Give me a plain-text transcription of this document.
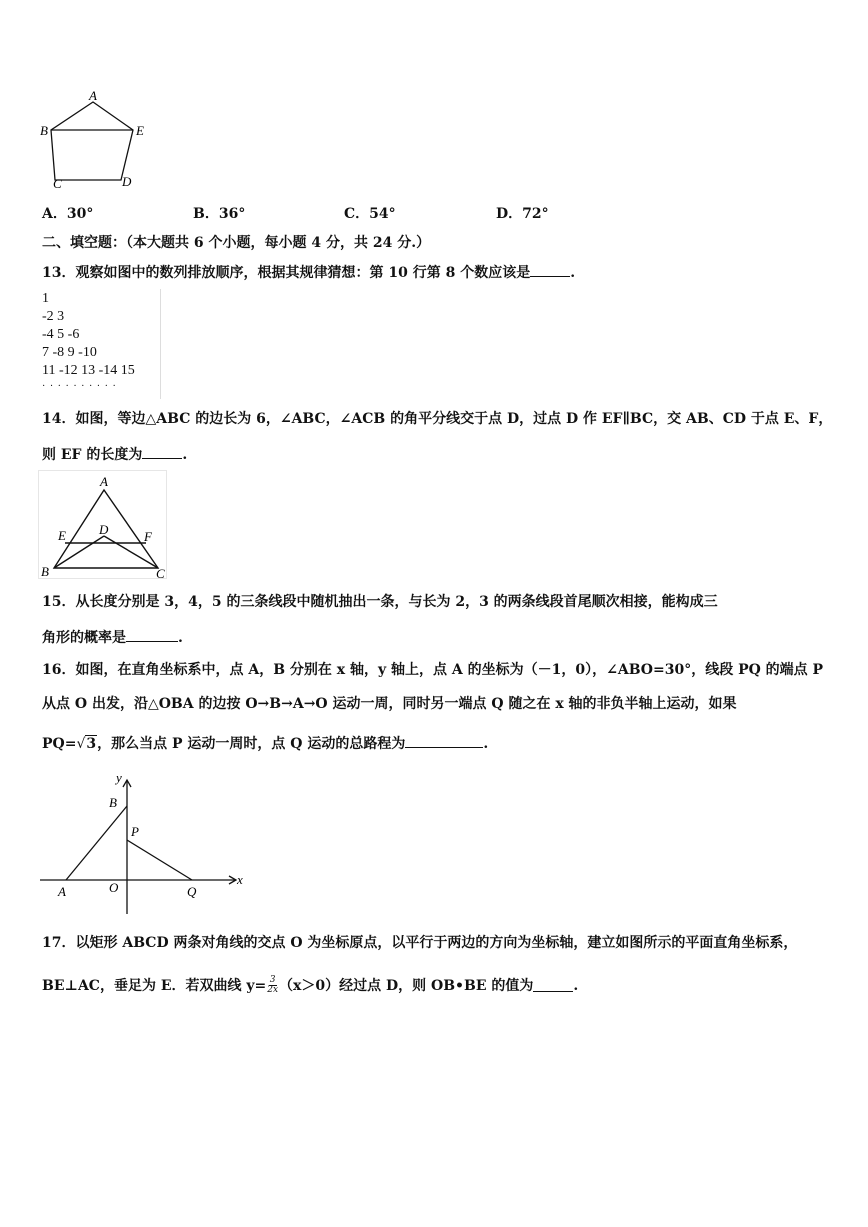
A
B	E
C	D
A．30°	B．36°	C．54°	D．72°
二、填空题：（本大题共 6 个小题，每小题 4 分，共 24 分.）
13．观察如图中的数列排放顺序，根据其规律猜想：第 10 行第 8 个数应该是	.
1
-2 3
-4 5 -6
7 -8 9 -10
11 -12 13 -14 15
· · · · · · · · · ·
14．如图，等边△ABC 的边长为 6，∠ABC，∠ACB 的角平分线交于点 D，过点 D 作 EF∥BC，交 AB、CD 于点 E、F，
则 EF 的长度为	.
A
E	D	F
B	C
15．从长度分别是 3，4，5 的三条线段中随机抽出一条，与长为 2，3 的两条线段首尾顺次相接，能构成三
角形的概率是	.
16．如图，在直角坐标系中，点 A，B 分别在 x 轴，y 轴上，点 A 的坐标为（－1，0），∠ABO=30°，线段 PQ 的端点 P
从点 O 出发，沿△OBA 的边按 O→B→A→O 运动一周，同时另一端点 Q 随之在 x 轴的非负半轴上运动，如果
PQ=√3，那么当点 P 运动一周时，点 Q 运动的总路程为	.
y
B
P
A	O	Q
x
17．以矩形 ABCD 两条对角线的交点 O 为坐标原点，以平行于两边的方向为坐标轴，建立如图所示的平面直角坐标系，
BE⊥AC，垂足为 E．若双曲线 $y= \frac{3}{2x} (x>0)$经过点 D，则 OB•BE 的值为	.
